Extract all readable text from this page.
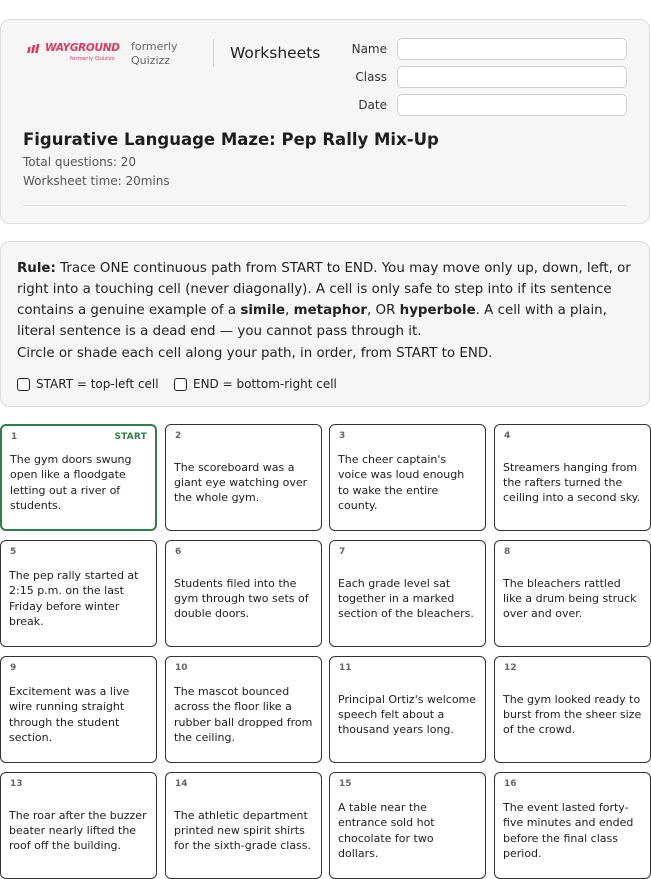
WAYGROUND
formerly Quizizz
formerly Quizizz	Worksheets	Name
Class
Date
Figurative Language Maze: Pep Rally Mix-Up
Total questions: 20
Worksheet time: 20mins
Rule: Trace ONE continuous path from START to END. You may move only up, down, left, or right into a touching cell (never diagonally). A cell is only safe to step into if its sentence contains a genuine example of a simile, metaphor, OR hyperbole. A cell with a plain, literal sentence is a dead end — you cannot pass through it.
Circle or shade each cell along your path, in order, from START to END.
START = top-left cell	END = bottom-right cell
1	START
The gym doors swung open like a floodgate letting out a river of students.
2
The scoreboard was a giant eye watching over the whole gym.
3
The cheer captain's voice was loud enough to wake the entire county.
4
Streamers hanging from the rafters turned the ceiling into a second sky.
5
The pep rally started at 2:15 p.m. on the last Friday before winter break.
6
Students filed into the gym through two sets of double doors.
7
Each grade level sat together in a marked section of the bleachers.
8
The bleachers rattled like a drum being struck over and over.
9
Excitement was a live wire running straight through the student section.
10
The mascot bounced across the floor like a rubber ball dropped from the ceiling.
11
Principal Ortiz's welcome speech felt about a thousand years long.
12
The gym looked ready to burst from the sheer size of the crowd.
13
The roar after the buzzer beater nearly lifted the roof off the building.
14
The athletic department printed new spirit shirts for the sixth-grade class.
15
A table near the entrance sold hot chocolate for two dollars.
16
The event lasted forty-five minutes and ended before the final class period.
